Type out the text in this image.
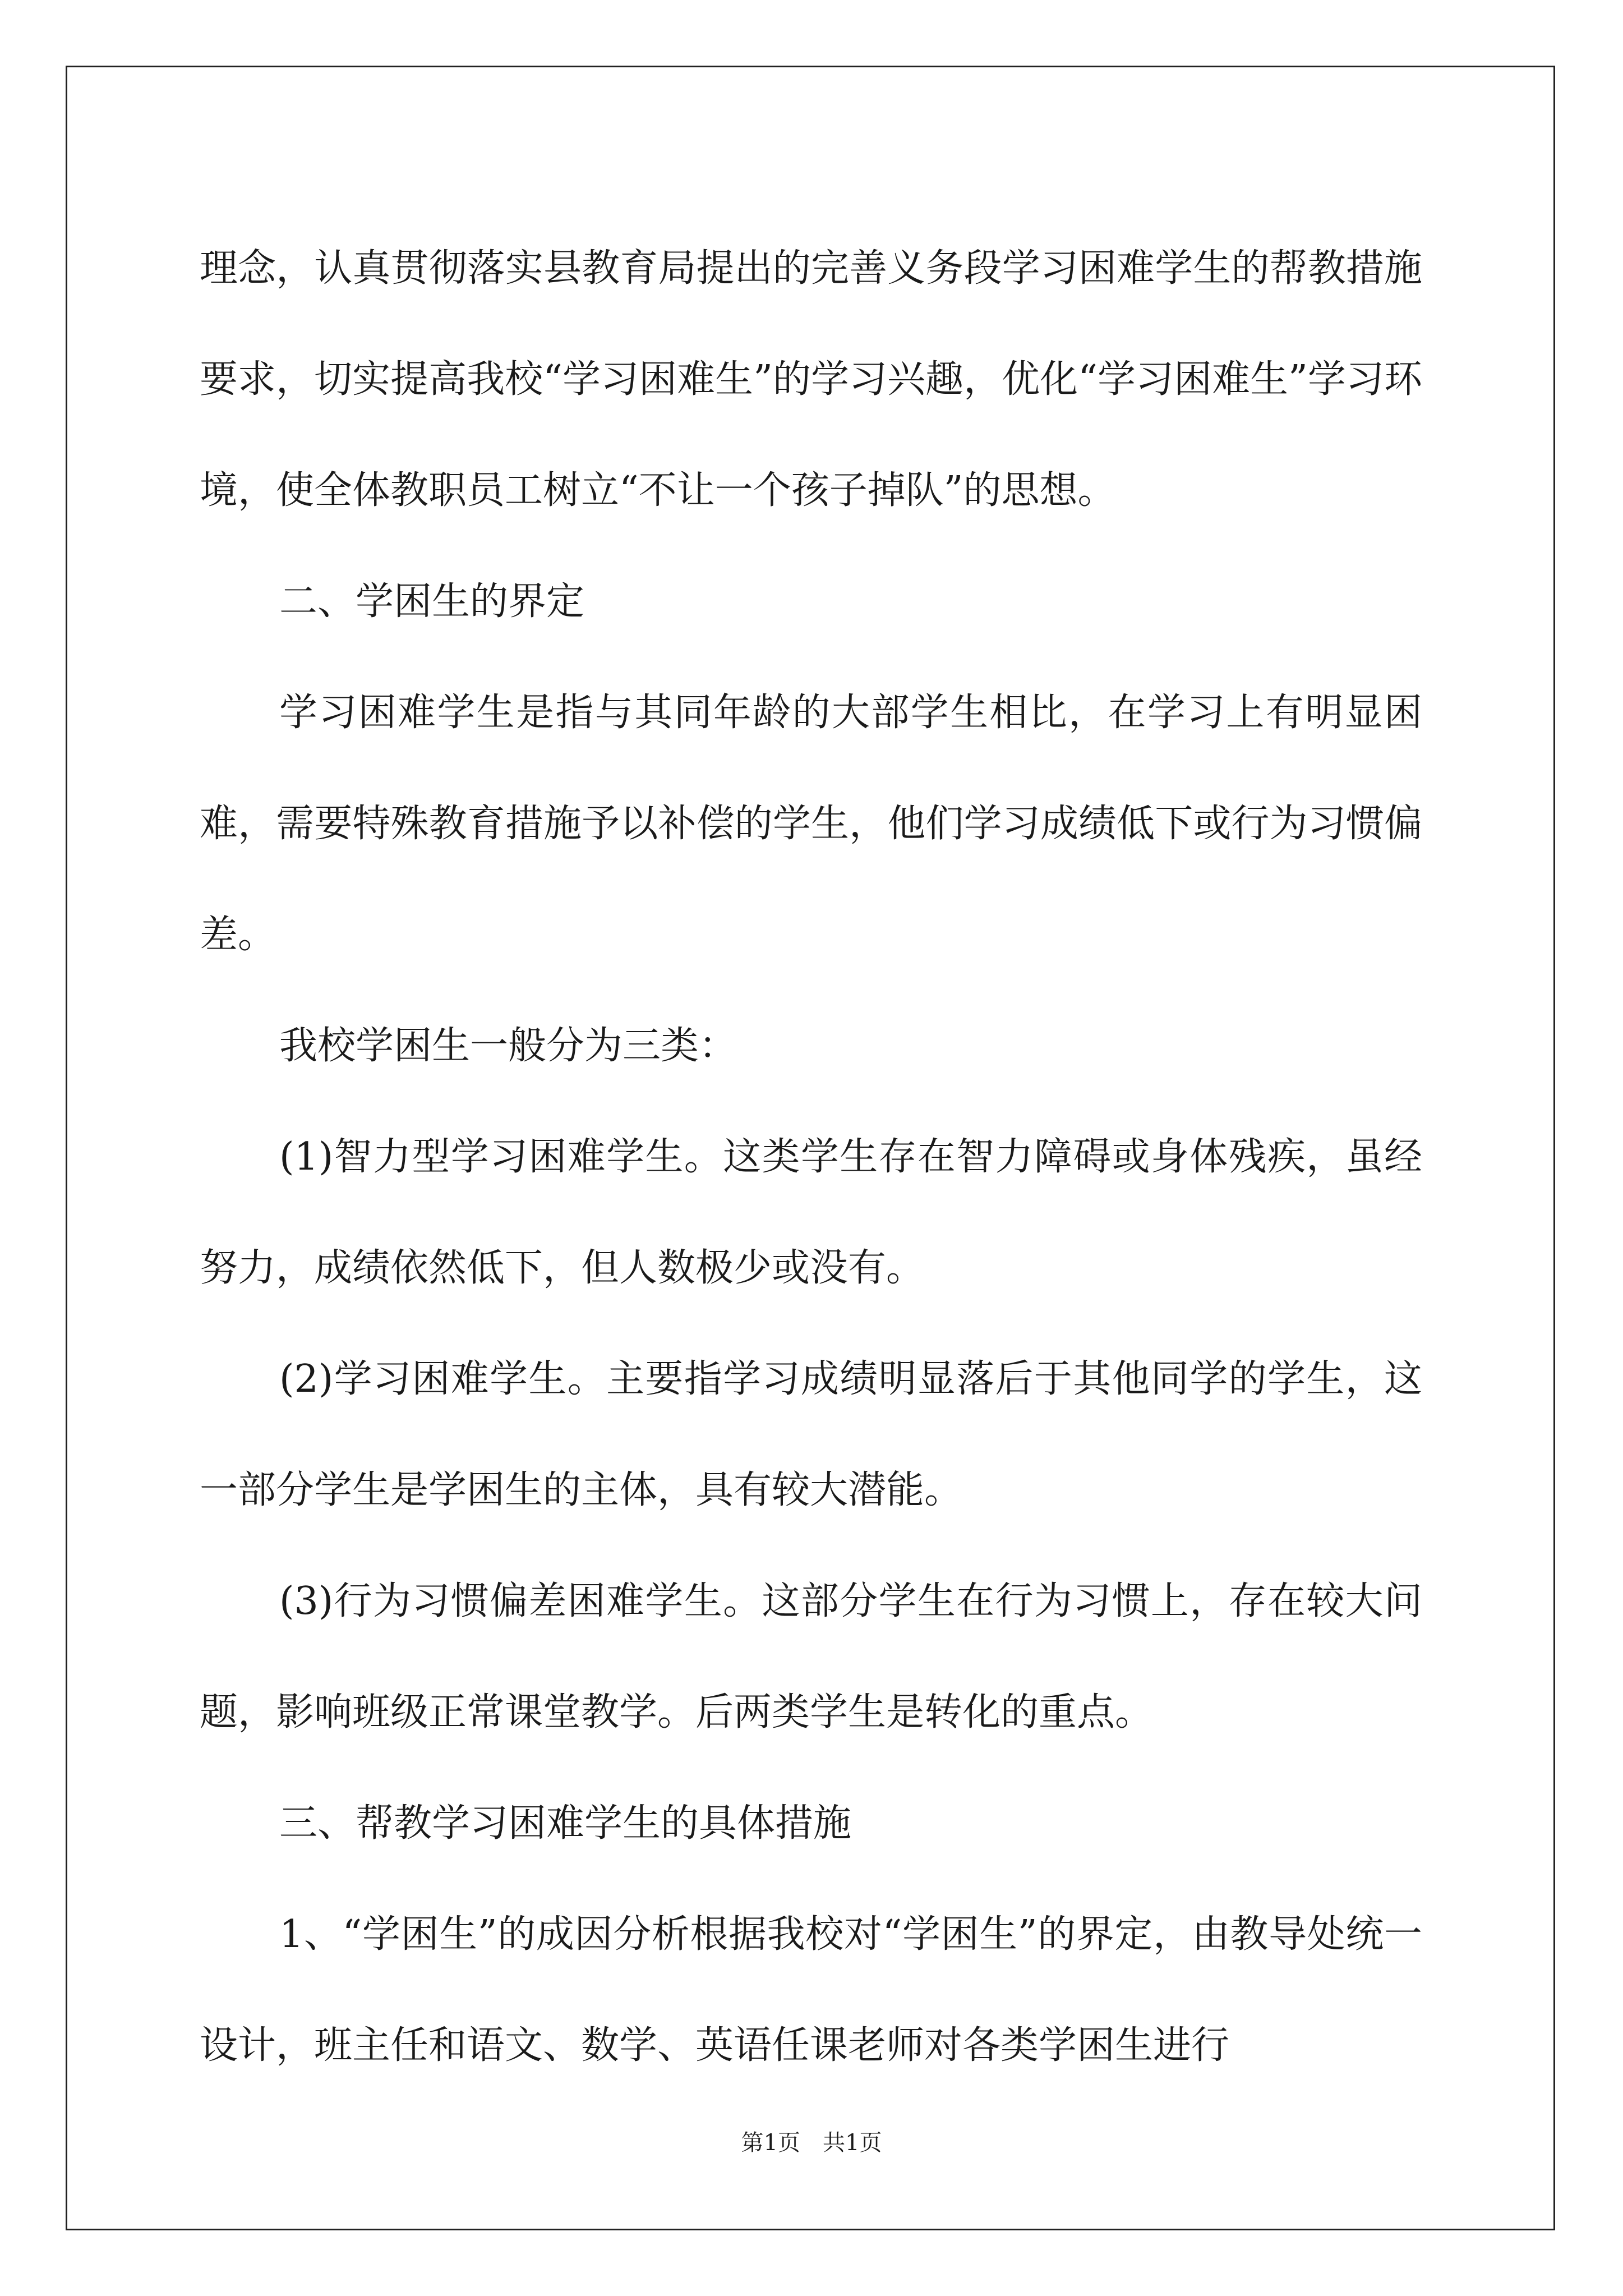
理念，认真贯彻落实县教育局提出的完善义务段学习困难学生的帮教措施要求，切实提高我校“学习困难生”的学习兴趣，优化“学习困难生”学习环境，使全体教职员工树立“不让一个孩子掉队”的思想。

二、学困生的界定

学习困难学生是指与其同年龄的大部学生相比，在学习上有明显困难，需要特殊教育措施予以补偿的学生，他们学习成绩低下或行为习惯偏差。

我校学困生一般分为三类：

(1)智力型学习困难学生。这类学生存在智力障碍或身体残疾，虽经努力，成绩依然低下，但人数极少或没有。

(2)学习困难学生。主要指学习成绩明显落后于其他同学的学生，这一部分学生是学困生的主体，具有较大潜能。

(3)行为习惯偏差困难学生。这部分学生在行为习惯上，存在较大问题，影响班级正常课堂教学。后两类学生是转化的重点。

三、帮教学习困难学生的具体措施

1、“学困生”的成因分析根据我校对“学困生”的界定，由教导处统一设计，班主任和语文、数学、英语任课老师对各类学困生进行

第1页　共1页
